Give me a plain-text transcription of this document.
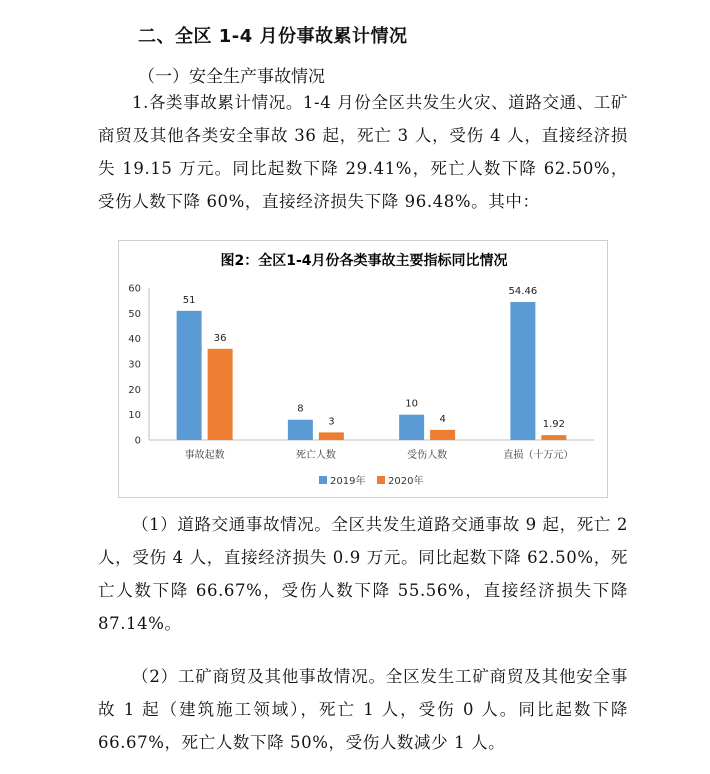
二、全区 1-4 月份事故累计情况
（一）安全生产事故情况
1.各类事故累计情况。1-4 月份全区共发生火灾、道路交通、工矿商贸及其他各类安全事故 36 起，死亡 3 人，受伤 4 人，直接经济损失 19.15 万元。同比起数下降 29.41%，死亡人数下降 62.50%，受伤人数下降 60%，直接经济损失下降 96.48%。其中：
图2：全区1-4月份各类事故主要指标同比情况
0
10
20
30
40
50
60
事故起数
51
36
死亡人数
8
3
受伤人数
10
4
直损（十万元）
54.46
1.92
2019年 2020年
（1）道路交通事故情况。全区共发生道路交通事故 9 起，死亡 2 人，受伤 4 人，直接经济损失 0.9 万元。同比起数下降 62.50%，死亡人数下降 66.67%，受伤人数下降 55.56%，直接经济损失下降 87.14%。
（2）工矿商贸及其他事故情况。全区发生工矿商贸及其他安全事故 1 起（建筑施工领域），死亡 1 人，受伤 0 人。同比起数下降 66.67%，死亡人数下降 50%，受伤人数减少 1 人。
